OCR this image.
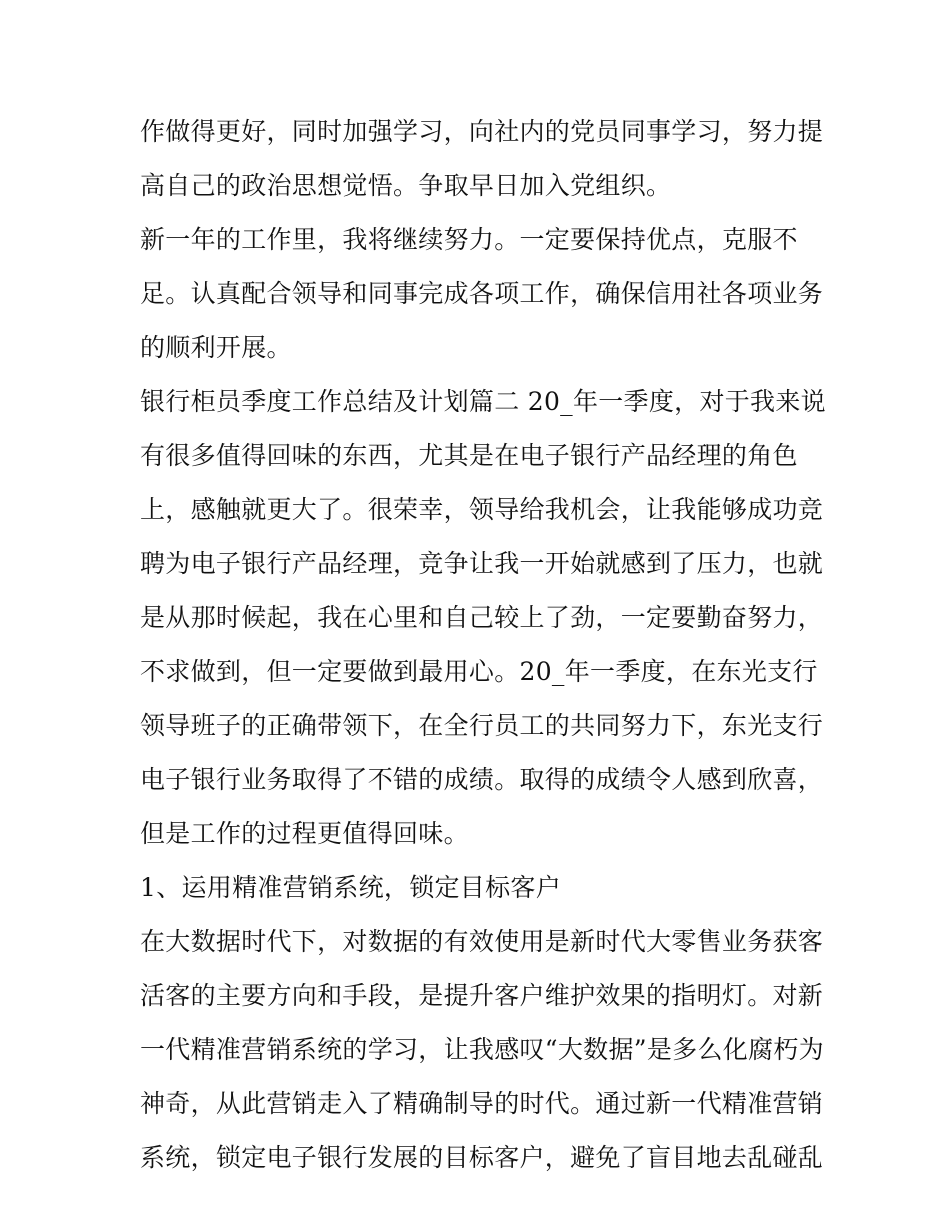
作做得更好，同时加强学习，向社内的党员同事学习，努力提
高自己的政治思想觉悟。争取早日加入党组织。
新一年的工作里，我将继续努力。一定要保持优点，克服不
足。认真配合领导和同事完成各项工作，确保信用社各项业务
的顺利开展。
银行柜员季度工作总结及计划篇二 20_年一季度，对于我来说
有很多值得回味的东西，尤其是在电子银行产品经理的角色
上，感触就更大了。很荣幸，领导给我机会，让我能够成功竞
聘为电子银行产品经理，竞争让我一开始就感到了压力，也就
是从那时候起，我在心里和自己较上了劲，一定要勤奋努力，
不求做到，但一定要做到最用心。20_年一季度，在东光支行
领导班子的正确带领下，在全行员工的共同努力下，东光支行
电子银行业务取得了不错的成绩。取得的成绩令人感到欣喜，
但是工作的过程更值得回味。
1、运用精准营销系统，锁定目标客户
在大数据时代下，对数据的有效使用是新时代大零售业务获客
活客的主要方向和手段，是提升客户维护效果的指明灯。对新
一代精准营销系统的学习，让我感叹“大数据”是多么化腐朽为
神奇，从此营销走入了精确制导的时代。通过新一代精准营销
系统，锁定电子银行发展的目标客户，避免了盲目地去乱碰乱
